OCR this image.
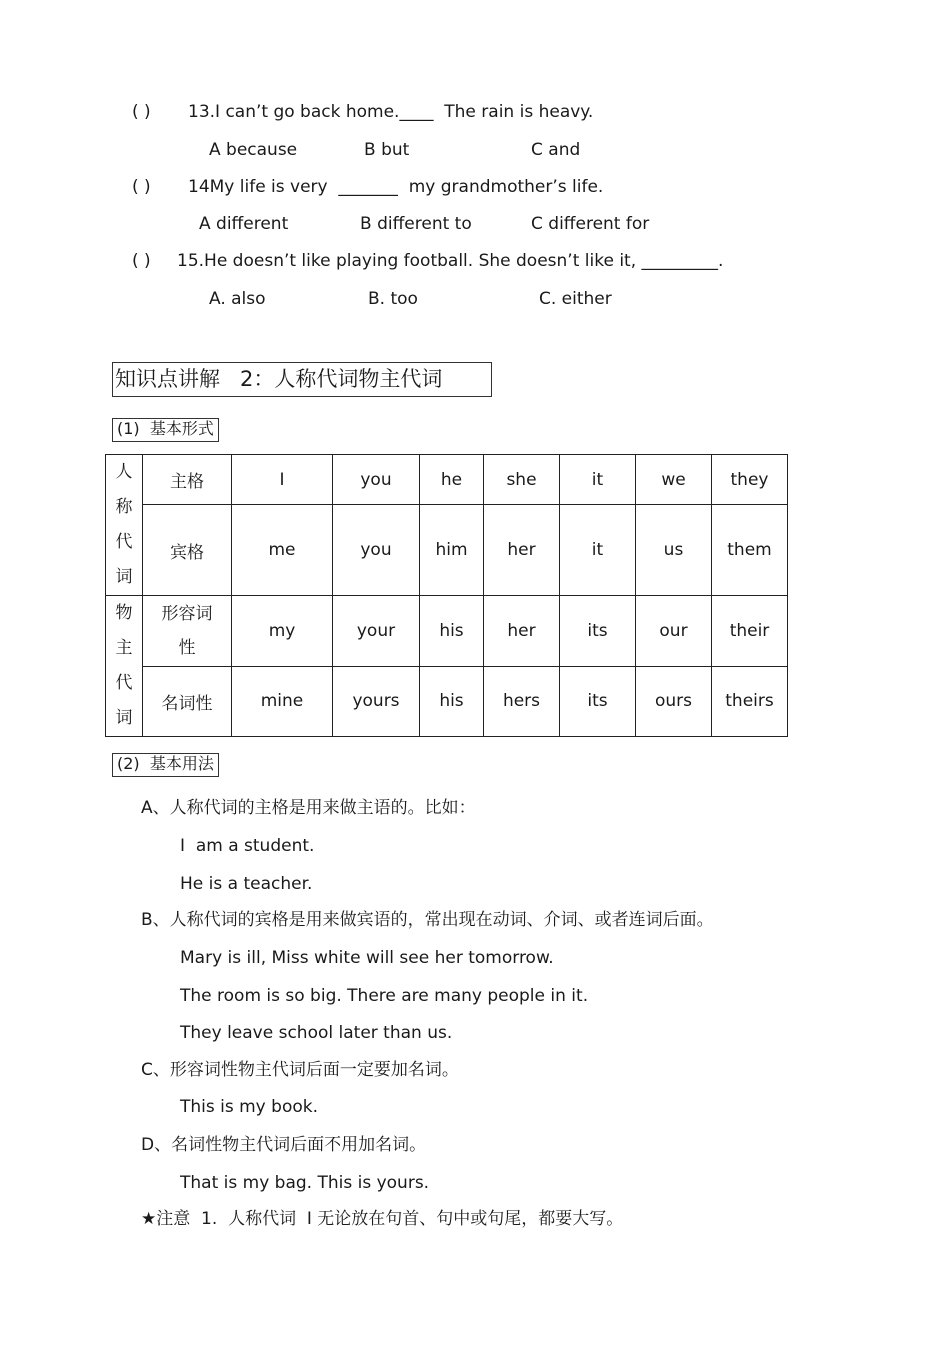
( ) 13.I can’t go back home.____  The rain is heavy.
A because	B but	C and
( ) 14My life is very  _______  my grandmother’s life.
A different	B different to	C different for
( ) 15.He doesn’t like playing football. She doesn’t like it, _________.
A. also	B. too	C. either
知识点讲解   2：人称代词物主代词
(1)  基本形式
人
称
代
词	主格	I	you	he	she	it	we	they
	宾格	me	you	him	her	it	us	them

物
主
代
词	形容词
性	my	your	his	her	its	our	their
	名词性	mine	yours	his	hers	its	ours	theirs
(2)  基本用法
A、人称代词的主格是用来做主语的。比如：
I  am a student.
He is a teacher.
B、人称代词的宾格是用来做宾语的，常出现在动词、介词、或者连词后面。
Mary is ill, Miss white will see her tomorrow.
The room is so big. There are many people in it.
They leave school later than us.
C、形容词性物主代词后面一定要加名词。
This is my book.
D、名词性物主代词后面不用加名词。
That is my bag. This is yours.
★注意  1.  人称代词  I 无论放在句首、句中或句尾，都要大写。
